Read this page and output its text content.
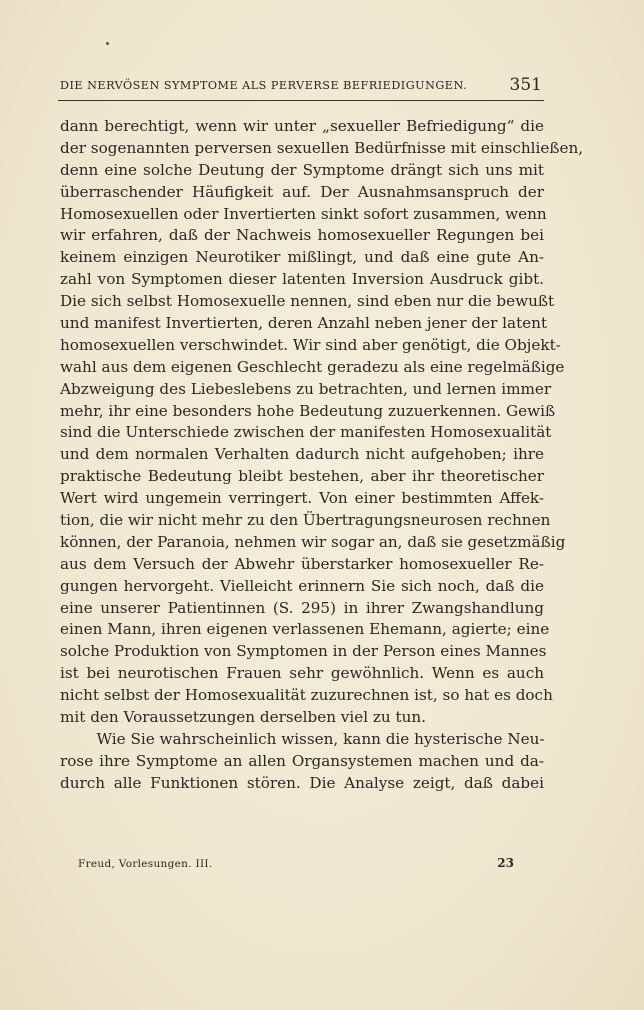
DIE NERVÖSEN SYMPTOME ALS PERVERSE BEFRIEDIGUNGEN. 351
dann berechtigt, wenn wir unter „sexueller Befriedigung“ die
der sogenannten perversen sexuellen Bedürfnisse mit einschließen,
denn eine solche Deutung der Symptome drängt sich uns mit
überraschender Häufigkeit auf. Der Ausnahmsanspruch der
Homosexuellen oder Invertierten sinkt sofort zusammen, wenn
wir erfahren, daß der Nachweis homosexueller Regungen bei
keinem einzigen Neurotiker mißlingt, und daß eine gute An-
zahl von Symptomen dieser latenten Inversion Ausdruck gibt.
Die sich selbst Homosexuelle nennen, sind eben nur die bewußt
und manifest Invertierten, deren Anzahl neben jener der latent
homosexuellen verschwindet. Wir sind aber genötigt, die Objekt-
wahl aus dem eigenen Geschlecht geradezu als eine regelmäßige
Abzweigung des Liebeslebens zu betrachten, und lernen immer
mehr, ihr eine besonders hohe Bedeutung zuzuerkennen. Gewiß
sind die Unterschiede zwischen der manifesten Homosexualität
und dem normalen Verhalten dadurch nicht aufgehoben; ihre
praktische Bedeutung bleibt bestehen, aber ihr theoretischer
Wert wird ungemein verringert. Von einer bestimmten Affek-
tion, die wir nicht mehr zu den Übertragungsneurosen rechnen
können, der Paranoia, nehmen wir sogar an, daß sie gesetzmäßig
aus dem Versuch der Abwehr überstarker homosexueller Re-
gungen hervorgeht. Vielleicht erinnern Sie sich noch, daß die
eine unserer Patientinnen (S. 295) in ihrer Zwangshandlung
einen Mann, ihren eigenen verlassenen Ehemann, agierte; eine
solche Produktion von Symptomen in der Person eines Mannes
ist bei neurotischen Frauen sehr gewöhnlich. Wenn es auch
nicht selbst der Homosexualität zuzurechnen ist, so hat es doch
mit den Voraussetzungen derselben viel zu tun.
Wie Sie wahrscheinlich wissen, kann die hysterische Neu-
rose ihre Symptome an allen Organsystemen machen und da-
durch alle Funktionen stören. Die Analyse zeigt, daß dabei
Freud, Vorlesungen. III.	23
